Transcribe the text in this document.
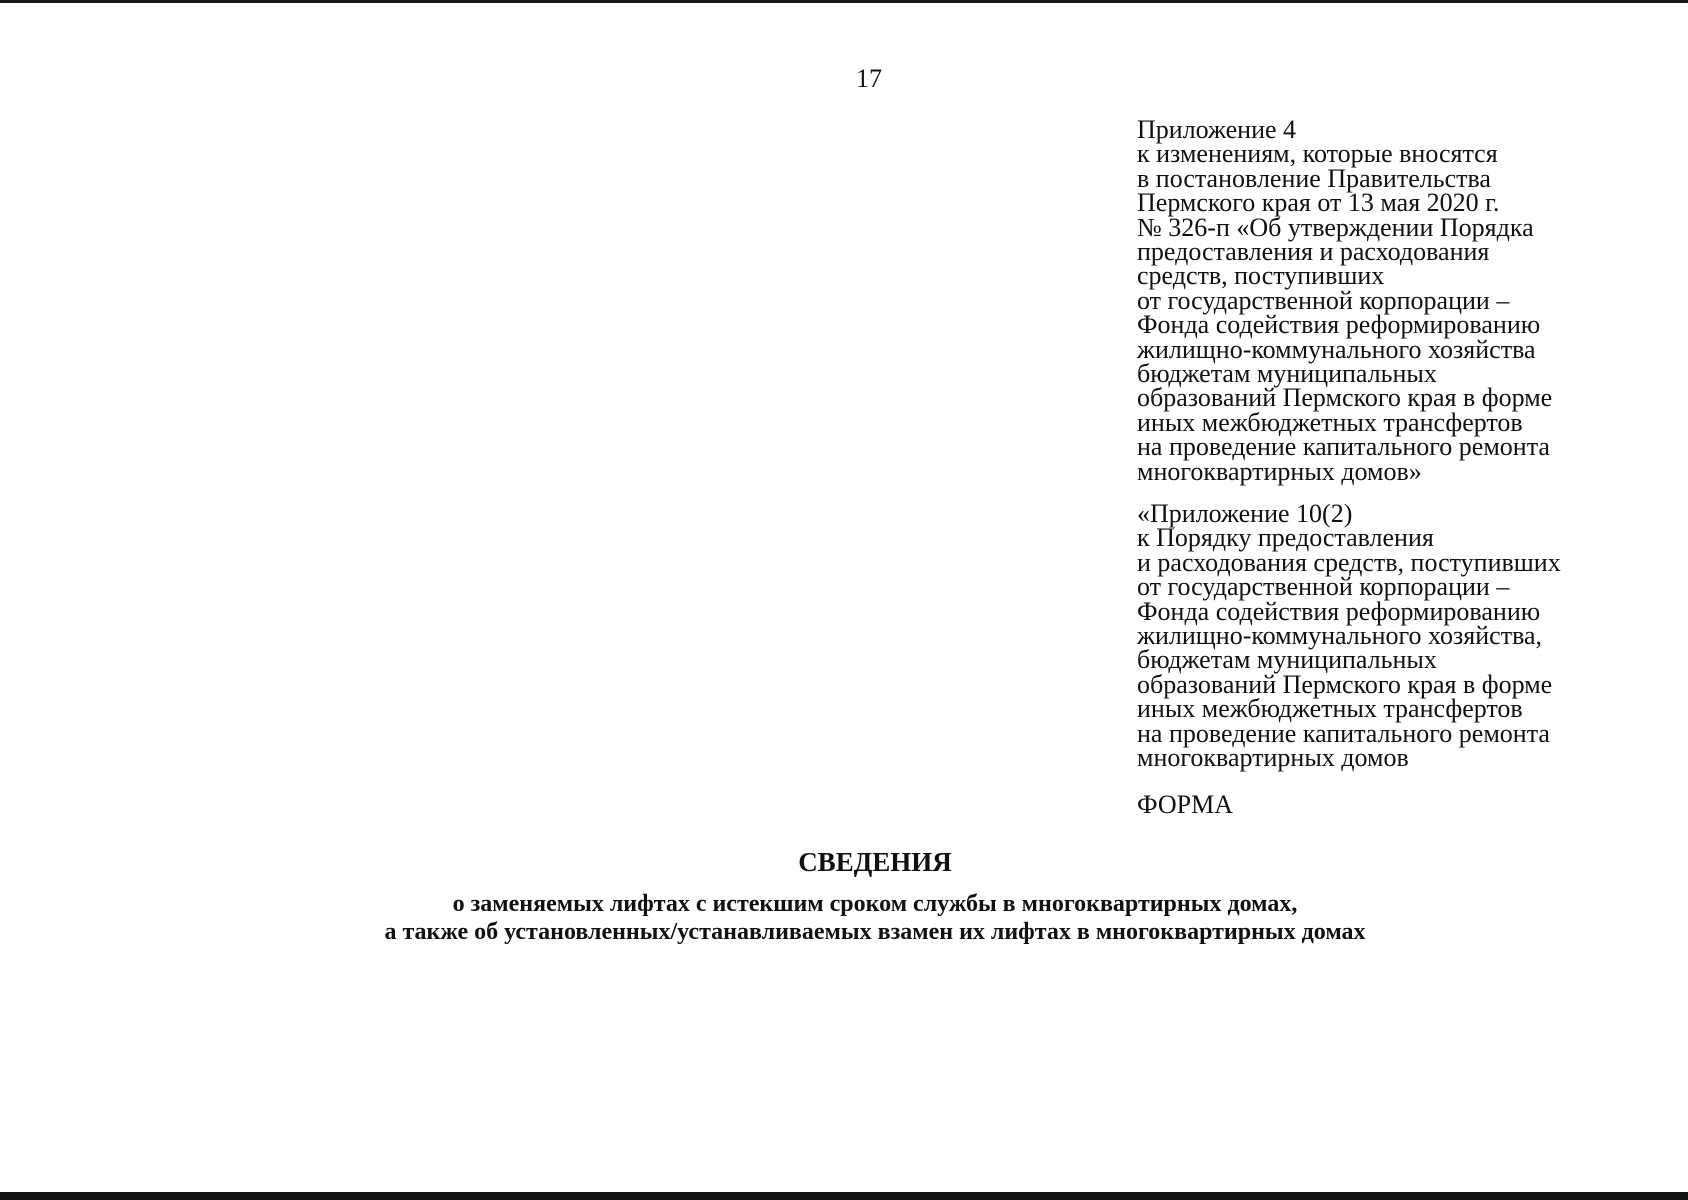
17
Приложение 4
к изменениям, которые вносятся
в постановление Правительства
Пермского края от 13 мая 2020 г.
№ 326-п «Об утверждении Порядка
предоставления и расходования
средств, поступивших
от государственной корпорации –
Фонда содействия реформированию
жилищно-коммунального хозяйства
бюджетам муниципальных
образований Пермского края в форме
иных межбюджетных трансфертов
на проведение капитального ремонта
многоквартирных домов»
«Приложение 10(2)
к Порядку предоставления
и расходования средств, поступивших
от государственной корпорации –
Фонда содействия реформированию
жилищно-коммунального хозяйства,
бюджетам муниципальных
образований Пермского края в форме
иных межбюджетных трансфертов
на проведение капитального ремонта
многоквартирных домов
ФОРМА
СВЕДЕНИЯ
о заменяемых лифтах с истекшим сроком службы в многоквартирных домах,
а также об установленных/устанавливаемых взамен их лифтах в многоквартирных домах
